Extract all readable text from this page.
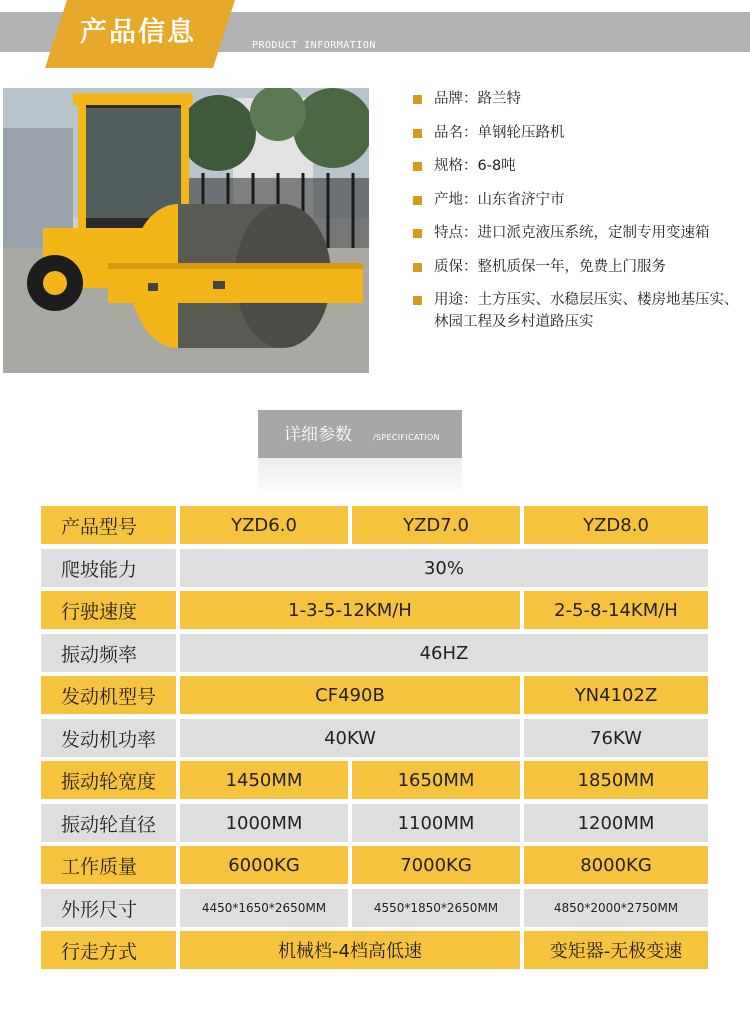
PRODUCT INFORMATION
产品信息
品牌：路兰特
品名：单钢轮压路机
规格：6-8吨
产地：山东省济宁市
特点：进口派克液压系统，定制专用变速箱
质保：整机质保一年，免费上门服务
用途：土方压实、水稳层压实、楼房地基压实、林园工程及乡村道路压实
详细参数	/SPECIFICATION
产品型号	YZD6.0	YZD7.0	YZD8.0
爬坡能力	30%
行驶速度	1-3-5-12KM/H	2-5-8-14KM/H
振动频率	46HZ
发动机型号	CF490B	YN4102Z
发动机功率	40KW	76KW
振动轮宽度	1450MM	1650MM	1850MM
振动轮直径	1000MM	1100MM	1200MM
工作质量	6000KG	7000KG	8000KG
外形尺寸	4450*1650*2650MM	4550*1850*2650MM	4850*2000*2750MM
行走方式	机械档-4档高低速	变矩器-无极变速
